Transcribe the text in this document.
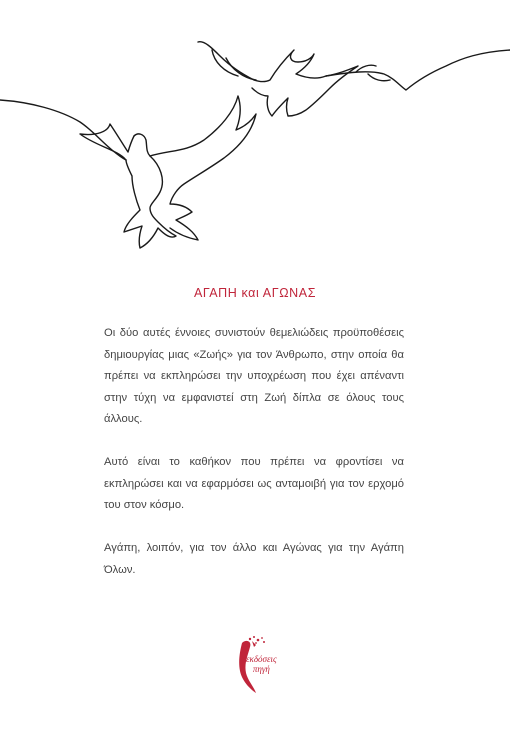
ΑΓΑΠΗ και ΑΓΩΝΑΣ

Οι δύο αυτές έννοιες συνιστούν θεμελιώδεις προϋποθέσεις δημιουργίας μιας «Ζωής» για τον Άνθρωπο, στην οποία θα πρέπει να εκπληρώσει την υποχρέωση που έχει απέναντι στην τύχη να εμφανιστεί στη Ζωή δίπλα σε όλους τους άλλους.

Αυτό είναι το καθήκον που πρέπει να φροντίσει να εκπληρώσει και να εφαρμόσει ως ανταμοιβή για τον ερχομό του στον κόσμο.

Αγάπη, λοιπόν, για τον άλλο και Αγώνας για την Αγάπη Όλων.

εκδόσεις
πηγή
